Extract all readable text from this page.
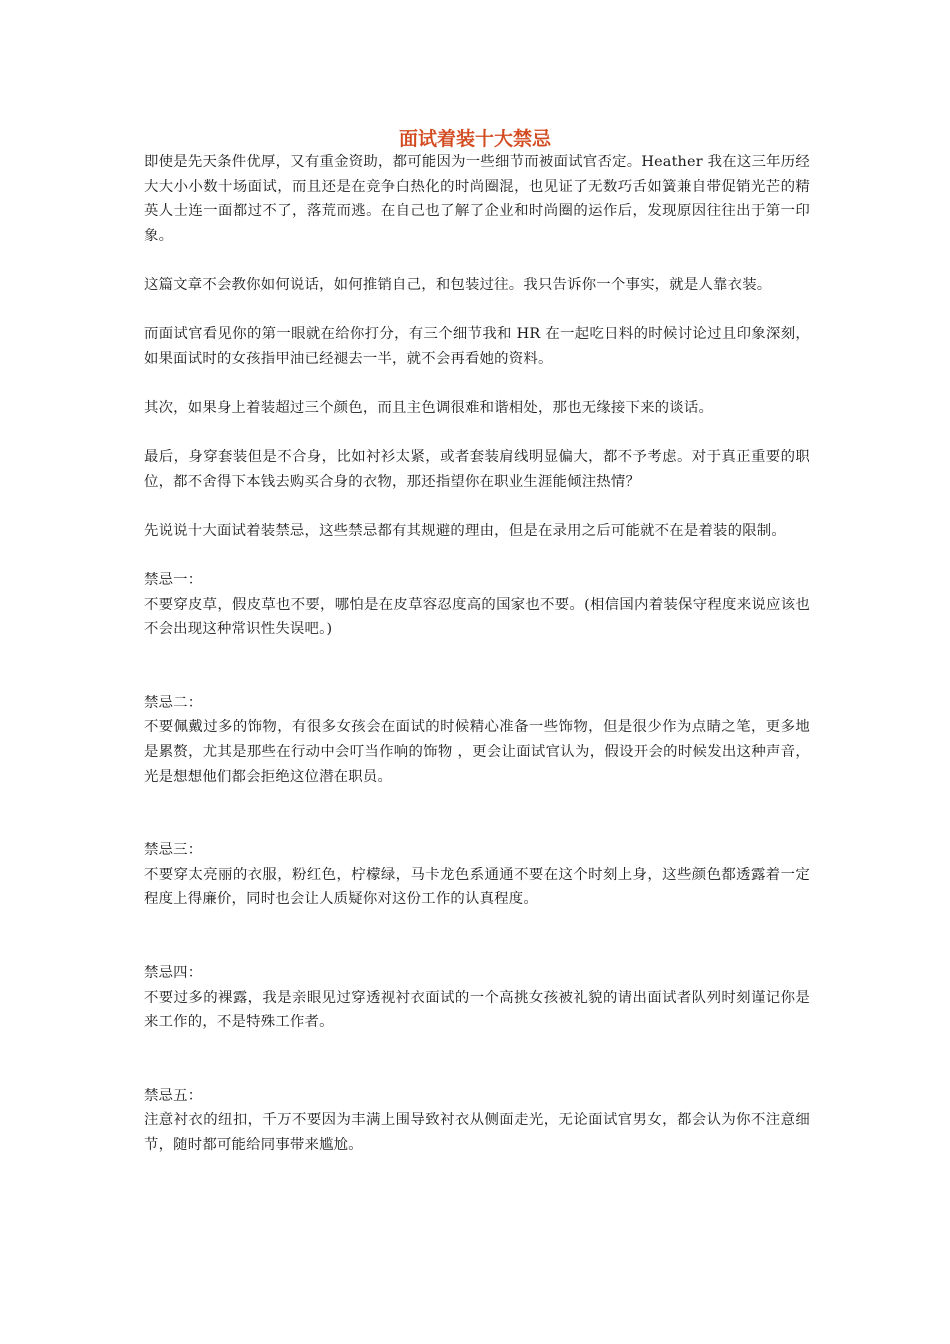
面试着装十大禁忌

即使是先天条件优厚，又有重金资助，都可能因为一些细节而被面试官否定。Heather 我在这三年历经大大小小数十场面试，而且还是在竞争白热化的时尚圈混，也见证了无数巧舌如簧兼自带促销光芒的精英人士连一面都过不了，落荒而逃。在自己也了解了企业和时尚圈的运作后，发现原因往往出于第一印象。

这篇文章不会教你如何说话，如何推销自己，和包装过往。我只告诉你一个事实，就是人靠衣装。

而面试官看见你的第一眼就在给你打分，有三个细节我和 HR 在一起吃日料的时候讨论过且印象深刻，如果面试时的女孩指甲油已经褪去一半，就不会再看她的资料。

其次，如果身上着装超过三个颜色，而且主色调很难和谐相处，那也无缘接下来的谈话。

最后，身穿套装但是不合身，比如衬衫太紧，或者套装肩线明显偏大，都不予考虑。对于真正重要的职位，都不舍得下本钱去购买合身的衣物，那还指望你在职业生涯能倾注热情？

先说说十大面试着装禁忌，这些禁忌都有其规避的理由，但是在录用之后可能就不在是着装的限制。

禁忌一：

不要穿皮草，假皮草也不要，哪怕是在皮草容忍度高的国家也不要。(相信国内着装保守程度来说应该也不会出现这种常识性失误吧。)

禁忌二：

不要佩戴过多的饰物，有很多女孩会在面试的时候精心准备一些饰物，但是很少作为点睛之笔，更多地是累赘，尤其是那些在行动中会叮当作响的饰物 ，更会让面试官认为，假设开会的时候发出这种声音，光是想想他们都会拒绝这位潜在职员。

禁忌三：

不要穿太亮丽的衣服，粉红色，柠檬绿，马卡龙色系通通不要在这个时刻上身，这些颜色都透露着一定程度上得廉价，同时也会让人质疑你对这份工作的认真程度。

禁忌四：

不要过多的裸露，我是亲眼见过穿透视衬衣面试的一个高挑女孩被礼貌的请出面试者队列时刻谨记你是来工作的，不是特殊工作者。

禁忌五：

注意衬衣的纽扣，千万不要因为丰满上围导致衬衣从侧面走光，无论面试官男女，都会认为你不注意细节，随时都可能给同事带来尴尬。
